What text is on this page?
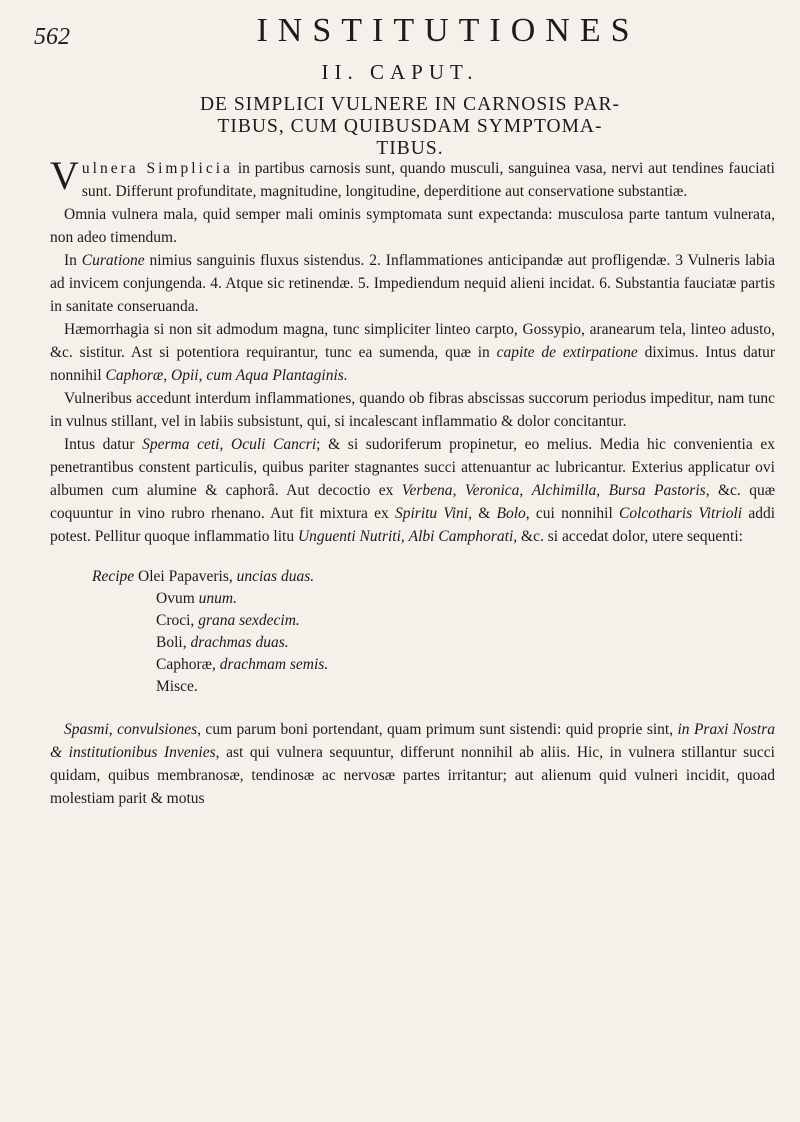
562	INSTITUTIONES
II. CAPUT.
DE SIMPLICI VULNERE IN CARNOSIS PAR-
TIBUS, CUM QUIBUSDAM SYMPTOMA-
TIBUS.

Vulnera Simplicia in partibus carnosis sunt, quando musculi, sanguinea vasa, nervi aut tendines fauciati sunt. Differunt profunditate, magnitudine, longitudine, deperditione aut conservatione substantiæ.

Omnia vulnera mala, quid semper mali ominis symptomata sunt expectanda: musculosa parte tantum vulnerata, non adeo timendum.

In Curatione nimius sanguinis fluxus sistendus. 2. Inflammationes anticipandæ aut profligendæ. 3 Vulneris labia ad invicem conjungenda. 4. Atque sic retinendæ. 5. Impediendum nequid alieni incidat. 6. Substantia fauciatæ partis in sanitate conseruanda.

Hæmorrhagia si non sit admodum magna, tunc simpliciter linteo carpto, Gossypio, aranearum tela, linteo adusto, &c. sistitur. Ast si potentiora requirantur, tunc ea sumenda, quæ in capite de extirpatione diximus. Intus datur nonnihil Caphoræ, Opii, cum Aqua Plantaginis.

Vulneribus accedunt interdum inflammationes, quando ob fibras abscissas succorum periodus impeditur, nam tunc in vulnus stillant, vel in labiis subsistunt, qui, si incalescant inflammatio & dolor concitantur.

Intus datur Sperma ceti, Oculi Cancri; & si sudoriferum propinetur, eo melius. Media hic convenientia ex penetrantibus constent particulis, quibus pariter stagnantes succi attenuantur ac lubricantur. Exterius applicatur ovi albumen cum alumine & caphorâ. Aut decoctio ex Verbena, Veronica, Alchimilla, Bursa Pastoris, &c. quæ coquuntur in vino rubro rhenano. Aut fit mixtura ex Spiritu Vini, & Bolo, cui nonnihil Colcotharis Vitrioli addi potest. Pellitur quoque inflammatio litu Unguenti Nutriti, Albi Camphorati, &c. si accedat dolor, utere sequenti:

Recipe Olei Papaveris, uncias duas.
Ovum unum.
Croci, grana sexdecim.
Boli, drachmas duas.
Caphoræ, drachmam semis.
Misce.

Spasmi, convulsiones, cum parum boni portendant, quam primum sunt sistendi: quid proprie sint, in Praxi Nostra & institutionibus Invenies, ast qui vulnera sequuntur, differunt nonnihil ab aliis. Hic, in vulnera stillantur succi quidam, quibus membranosæ, tendinosæ ac nervosæ partes irritantur; aut alienum quid vulneri incidit, quoad molestiam parit & motus
